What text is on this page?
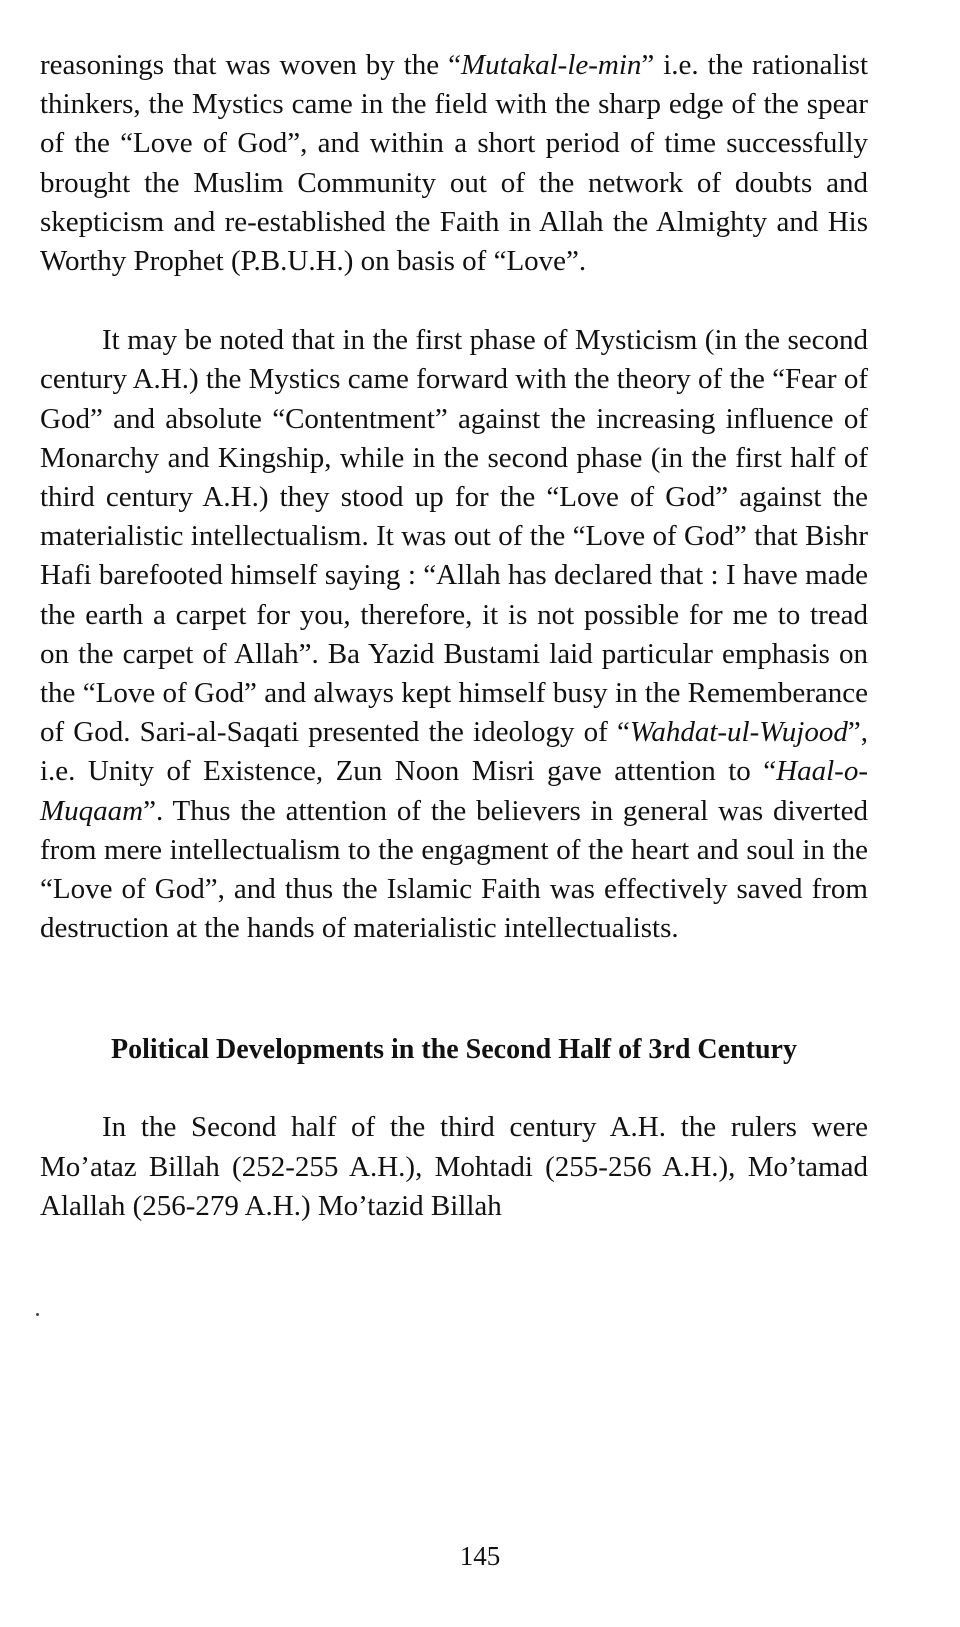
reasonings that was woven by the “Mutakal-le-min” i.e. the rationalist thinkers, the Mystics came in the field with the sharp edge of the spear of the “Love of God”, and within a short period of time successfully brought the Muslim Community out of the network of doubts and skepticism and re-established the Faith in Allah the Almighty and His Worthy Prophet (P.B.U.H.) on basis of “Love”.

It may be noted that in the first phase of Mysticism (in the second century A.H.) the Mystics came forward with the theory of the “Fear of God” and absolute “Contentment” against the increasing influence of Monarchy and Kingship, while in the second phase (in the first half of third century A.H.) they stood up for the “Love of God” against the materialistic intellectualism. It was out of the “Love of God” that Bishr Hafi barefooted himself saying : “Allah has declared that : I have made the earth a carpet for you, therefore, it is not possible for me to tread on the carpet of Allah”. Ba Yazid Bustami laid particular emphasis on the “Love of God” and always kept himself busy in the Rememberance of God. Sari-al-Saqati presented the ideology of “Wahdat-ul-Wujood”, i.e. Unity of Existence, Zun Noon Misri gave attention to “Haal-o-Muqaam”. Thus the attention of the believers in general was diverted from mere intellectualism to the engagment of the heart and soul in the “Love of God”, and thus the Islamic Faith was effectively saved from destruction at the hands of materialistic intellectualists.

Political Developments in the Second Half of 3rd Century

In the Second half of the third century A.H. the rulers were Mo’ataz Billah (252-255 A.H.), Mohtadi (255-256 A.H.), Mo’tamad Alallah (256-279 A.H.) Mo’tazid Billah

145
